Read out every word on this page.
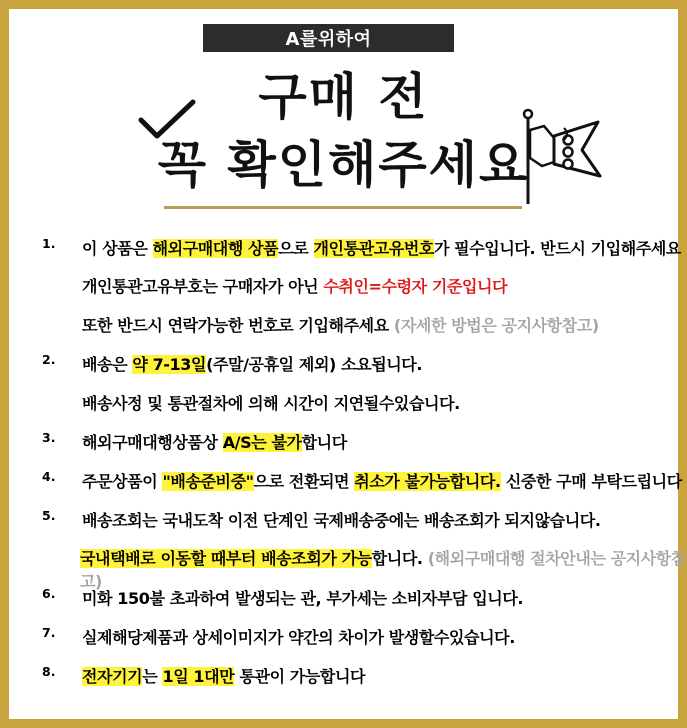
A를위하여
구매 전
꼭 확인해주세요
1. 이 상품은 해외구매대행 상품으로 개인통관고유번호가 필수입니다. 반드시 기입해주세요
개인통관고유부호는 구매자가 아닌 수취인=수령자 기준입니다
또한 반드시 연락가능한 번호로 기입해주세요 (자세한 방법은 공지사항참고)
2. 배송은 약 7-13일(주말/공휴일 제외) 소요됩니다.
배송사정 및 통관절차에 의해 시간이 지연될수있습니다.
3. 해외구매대행상품상 A/S는 불가합니다
4. 주문상품이 "배송준비중"으로 전환되면 취소가 불가능합니다. 신중한 구매 부탁드립니다
5. 배송조회는 국내도착 이전 단계인 국제배송중에는 배송조회가 되지않습니다.
국내택배로 이동할 때부터 배송조회가 가능합니다. (해외구매대행 절차안내는 공지사항참고)
6. 미화 150불 초과하여 발생되는 관, 부가세는 소비자부담 입니다.
7. 실제해당제품과 상세이미지가 약간의 차이가 발생할수있습니다.
8. 전자기기는 1일 1대만 통관이 가능합니다
